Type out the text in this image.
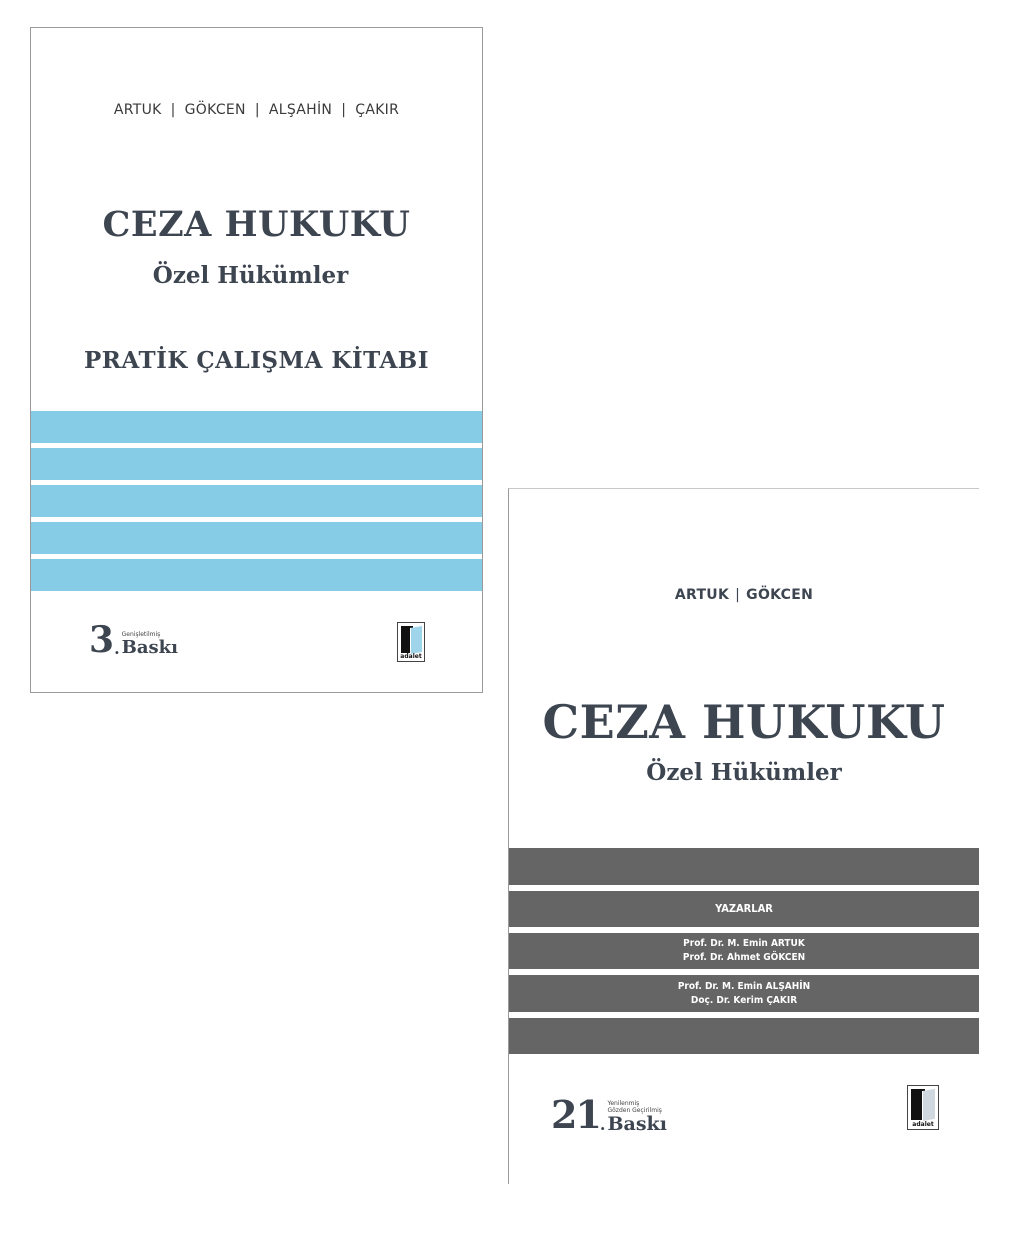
ARTUK | GÖKCEN | ALŞAHİN | ÇAKIR
CEZA HUKUKU
Özel Hükümler
PRATİK ÇALIŞMA KİTABI
3 .
Genişletilmiş
Baskı	adalet
ARTUK | GÖKCEN
CEZA HUKUKU
Özel Hükümler
YAZARLAR
Prof. Dr. M. Emin ARTUK
Prof. Dr. Ahmet GÖKCEN
Prof. Dr. M. Emin ALŞAHİN
Doç. Dr. Kerim ÇAKIR
21 .
Yenilenmiş
Gözden Geçirilmiş
Baskı	adalet
